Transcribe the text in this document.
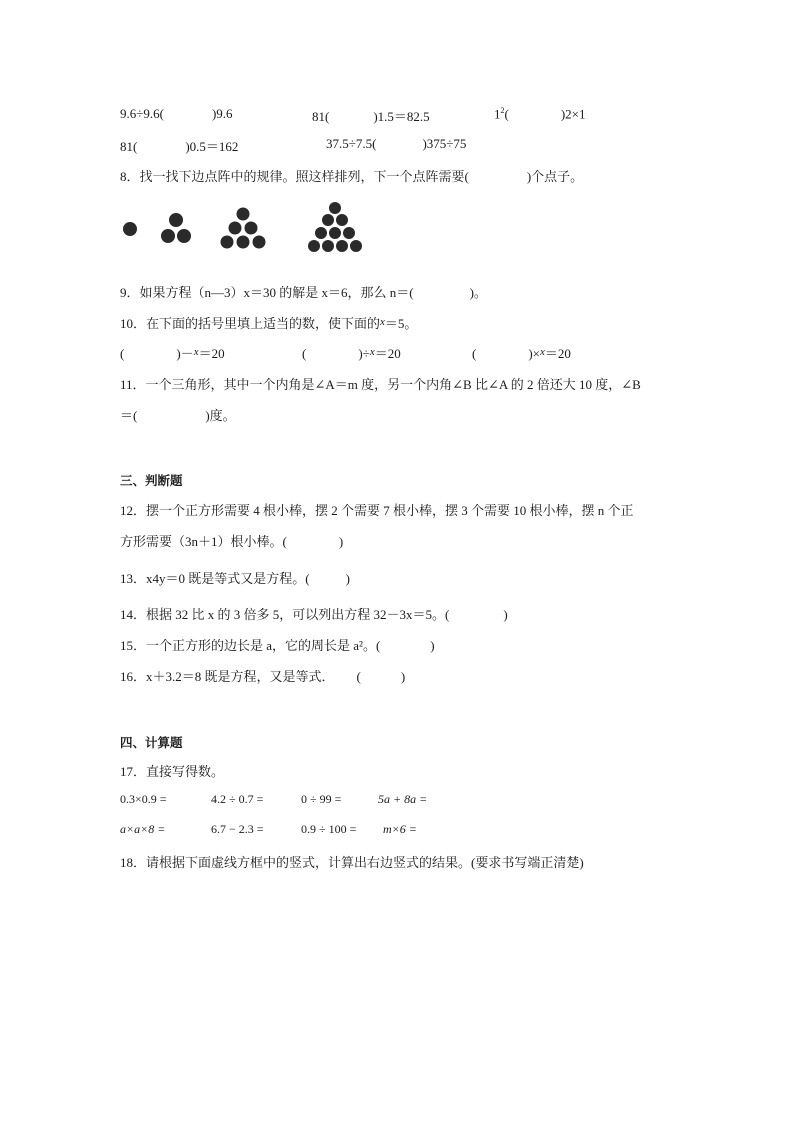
9.6÷9.6(	)9.6	81(	)1.5＝82.5	$1^2$(	)2×1
81(	)0.5＝162	37.5÷7.5(	)375÷75
8．找一找下边点阵中的规律。照这样排列，下一个点阵需要(	)个点子。
9．如果方程（n—3）x＝30 的解是 x＝6，那么 n＝(	)。
10．在下面的括号里填上适当的数，使下面的$^x$＝5。
(	)－$^x$＝20	(	)÷$^x$＝20	(	)×$^x$＝20
11．一个三角形，其中一个内角是∠A＝m 度，另一个内角∠B 比∠A 的 2 倍还大 10 度，∠B
＝(	)度。
三、判断题
12．摆一个正方形需要 4 根小棒，摆 2 个需要 7 根小棒，摆 3 个需要 10 根小棒，摆 n 个正
方形需要（3n＋1）根小棒。(	)
13．x4y＝0 既是等式又是方程。(	)
14．根据 32 比 x 的 3 倍多 5，可以列出方程 32－3x＝5。(	)
15．一个正方形的边长是 a，它的周长是 a²。(	)
16．x＋3.2＝8 既是方程，又是等式． (	)
四、计算题
17．直接写得数。
0.3×0.9 =	4.2 ÷ 0.7 =	0 ÷ 99 =	5a + 8a =
a×a×8 =	6.7 − 2.3 =	0.9 ÷ 100 = m×6 =
18．请根据下面虚线方框中的竖式，计算出右边竖式的结果。(要求书写端正清楚)
